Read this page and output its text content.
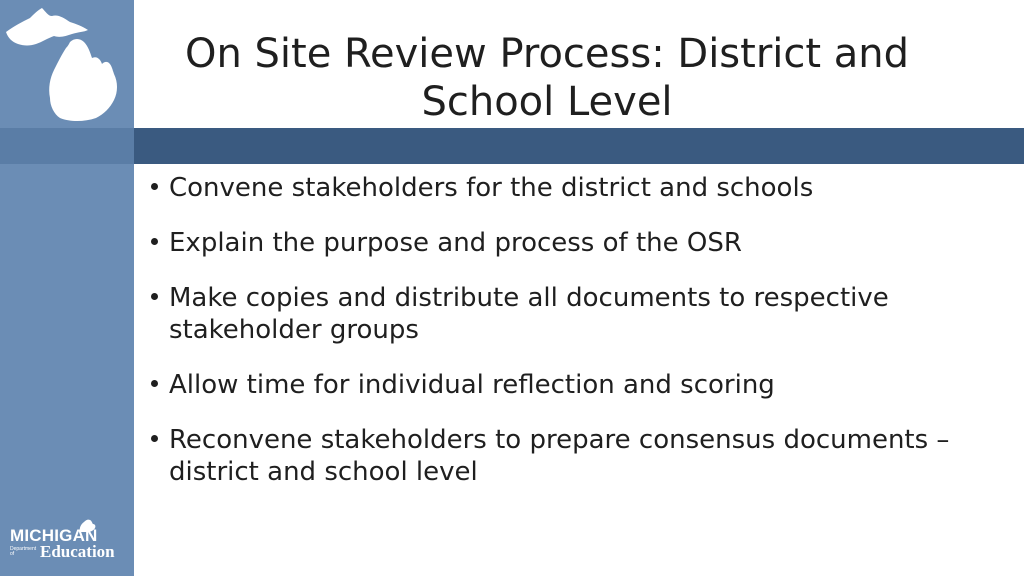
On Site Review Process: District and School Level
Convene stakeholders for the district and schools
Explain the purpose and process of the OSR
Make copies and distribute all documents to respective stakeholder groups
Allow time for individual reflection and scoring
Reconvene stakeholders to prepare consensus documents – district and school level
MICHIGAN
Department of	Education
